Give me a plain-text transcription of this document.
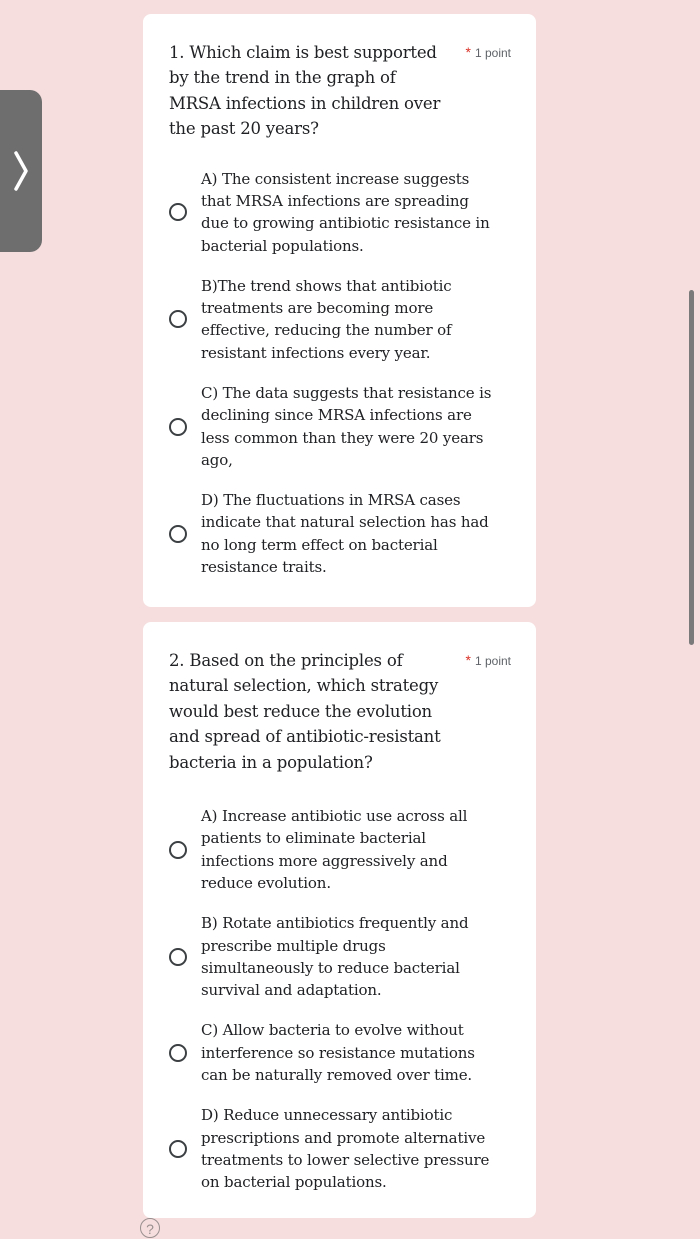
1. Which claim is best supported by the trend in the graph of MRSA infections in children over the past 20 years?
* 1 point
A) The consistent increase suggests that MRSA infections are spreading due to growing antibiotic resistance in bacterial populations.
B)The trend shows that antibiotic treatments are becoming more effective, reducing the number of resistant infections every year.
C) The data suggests that resistance is declining since MRSA infections are less common than they were 20 years ago,
D) The fluctuations in MRSA cases indicate that natural selection has had no long term effect on bacterial resistance traits.
2. Based on the principles of natural selection, which strategy would best reduce the evolution and spread of antibiotic-resistant bacteria in a population?
* 1 point
A) Increase antibiotic use across all patients to eliminate bacterial infections more aggressively and reduce evolution.
B) Rotate antibiotics frequently and prescribe multiple drugs simultaneously to reduce bacterial survival and adaptation.
C) Allow bacteria to evolve without interference so resistance mutations can be naturally removed over time.
D) Reduce unnecessary antibiotic prescriptions and promote alternative treatments to lower selective pressure on bacterial populations.
?
